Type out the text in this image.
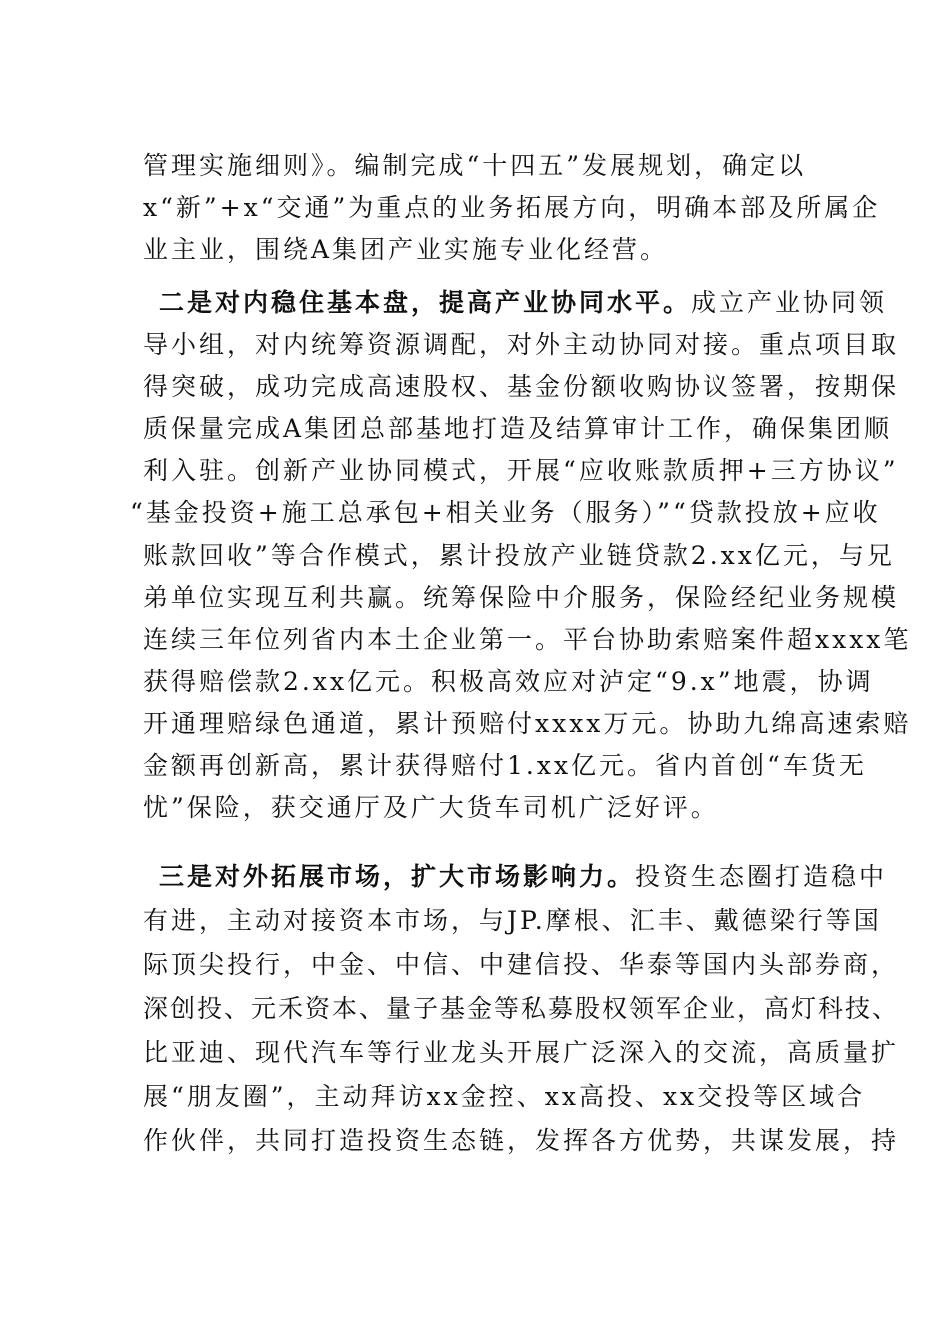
管理实施细则》。编制完成“十四五”发展规划，确定以
x“新”+x“交通”为重点的业务拓展方向，明确本部及所属企
业主业，围绕A集团产业实施专业化经营。
二是对内稳住基本盘，提高产业协同水平。成立产业协同领
导小组，对内统筹资源调配，对外主动协同对接。重点项目取
得突破，成功完成高速股权、基金份额收购协议签署，按期保
质保量完成A集团总部基地打造及结算审计工作，确保集团顺
利入驻。创新产业协同模式，开展“应收账款质押+三方协议”
“基金投资+施工总承包+相关业务（服务）”“贷款投放+应收
账款回收”等合作模式，累计投放产业链贷款2.xx亿元，与兄
弟单位实现互利共赢。统筹保险中介服务，保险经纪业务规模
连续三年位列省内本土企业第一。平台协助索赔案件超xxxx笔
获得赔偿款2.xx亿元。积极高效应对泸定“9.x”地震，协调
开通理赔绿色通道，累计预赔付xxxx万元。协助九绵高速索赔
金额再创新高，累计获得赔付1.xx亿元。省内首创“车货无
忧”保险，获交通厅及广大货车司机广泛好评。
三是对外拓展市场，扩大市场影响力。投资生态圈打造稳中
有进，主动对接资本市场，与JP.摩根、汇丰、戴德梁行等国
际顶尖投行，中金、中信、中建信投、华泰等国内头部券商，
深创投、元禾资本、量子基金等私募股权领军企业，高灯科技、
比亚迪、现代汽车等行业龙头开展广泛深入的交流，高质量扩
展“朋友圈”，主动拜访xx金控、xx高投、xx交投等区域合
作伙伴，共同打造投资生态链，发挥各方优势，共谋发展，持
